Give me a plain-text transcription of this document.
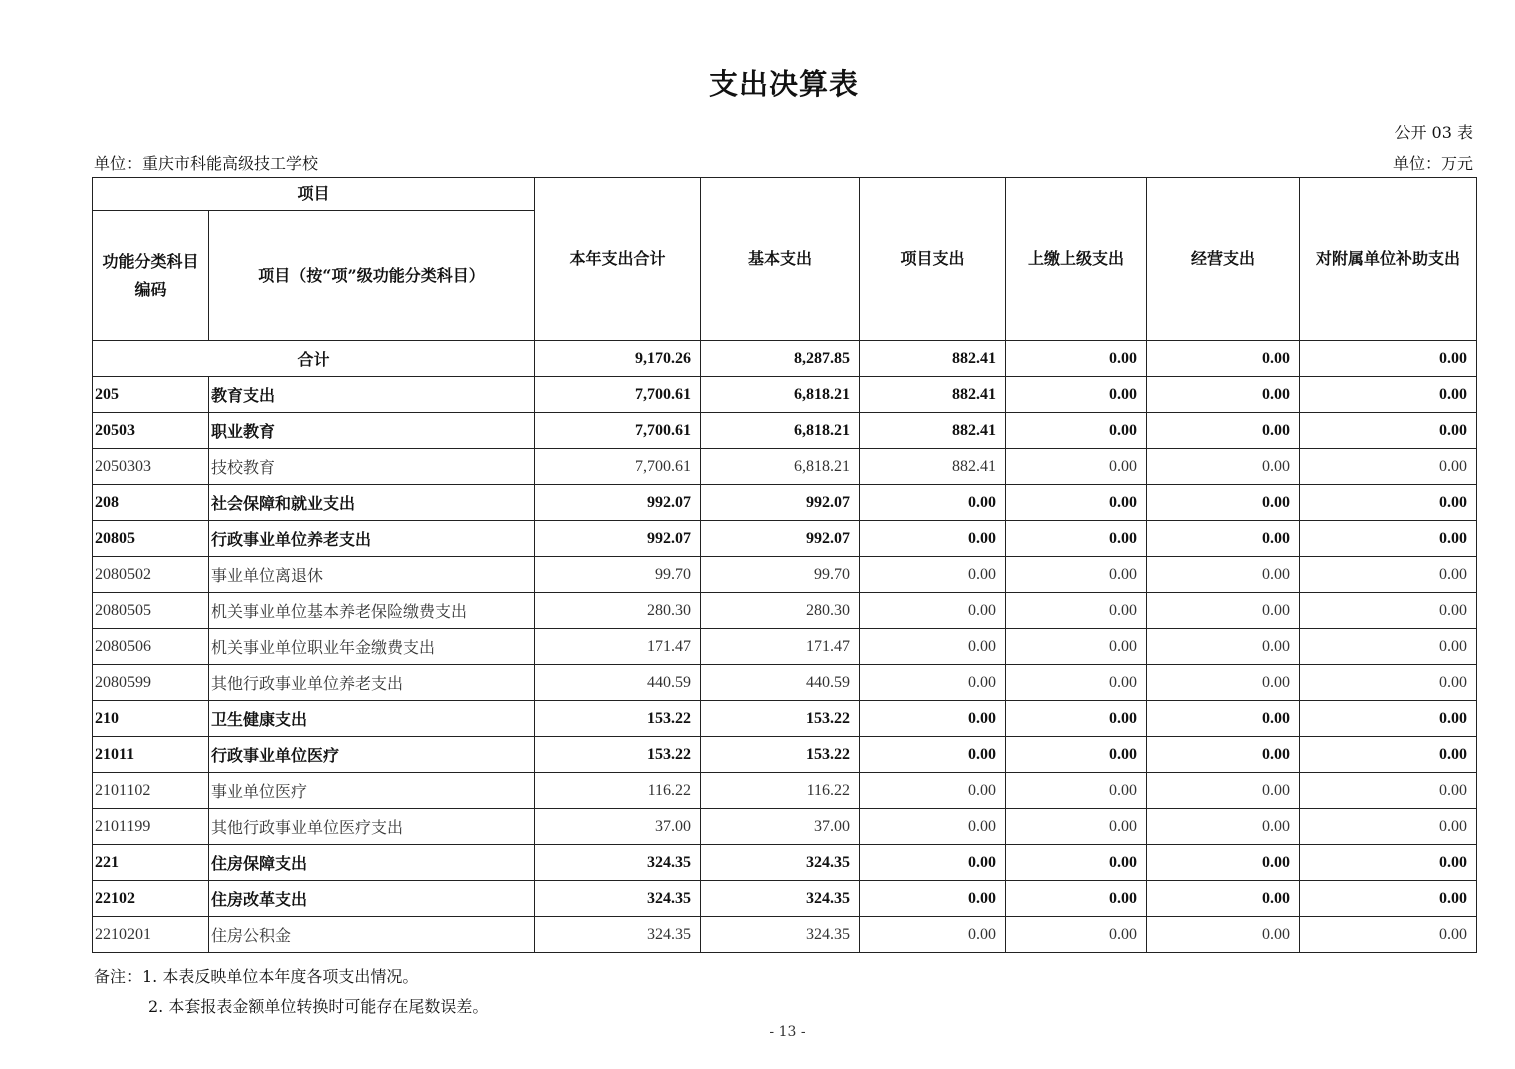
支出决算表
公开 03 表
单位：重庆市科能高级技工学校	单位：万元
项目		本年支出合计	基本支出	项目支出	上缴上级支出	经营支出	对附属单位补助支出
功能分类科目编码	项目（按“项”级功能分类科目）						
合计		9,170.26	8,287.85	882.41	0.00	0.00	0.00
205	教育支出	7,700.61	6,818.21	882.41	0.00	0.00	0.00
20503	职业教育	7,700.61	6,818.21	882.41	0.00	0.00	0.00
2050303	技校教育	7,700.61	6,818.21	882.41	0.00	0.00	0.00
208	社会保障和就业支出	992.07	992.07	0.00	0.00	0.00	0.00
20805	行政事业单位养老支出	992.07	992.07	0.00	0.00	0.00	0.00
2080502	事业单位离退休	99.70	99.70	0.00	0.00	0.00	0.00
2080505	机关事业单位基本养老保险缴费支出	280.30	280.30	0.00	0.00	0.00	0.00
2080506	机关事业单位职业年金缴费支出	171.47	171.47	0.00	0.00	0.00	0.00
2080599	其他行政事业单位养老支出	440.59	440.59	0.00	0.00	0.00	0.00
210	卫生健康支出	153.22	153.22	0.00	0.00	0.00	0.00
21011	行政事业单位医疗	153.22	153.22	0.00	0.00	0.00	0.00
2101102	事业单位医疗	116.22	116.22	0.00	0.00	0.00	0.00
2101199	其他行政事业单位医疗支出	37.00	37.00	0.00	0.00	0.00	0.00
221	住房保障支出	324.35	324.35	0.00	0.00	0.00	0.00
22102	住房改革支出	324.35	324.35	0.00	0.00	0.00	0.00
2210201	住房公积金	324.35	324.35	0.00	0.00	0.00	0.00
备注：1. 本表反映单位本年度各项支出情况。
2. 本套报表金额单位转换时可能存在尾数误差。
- 13 -
